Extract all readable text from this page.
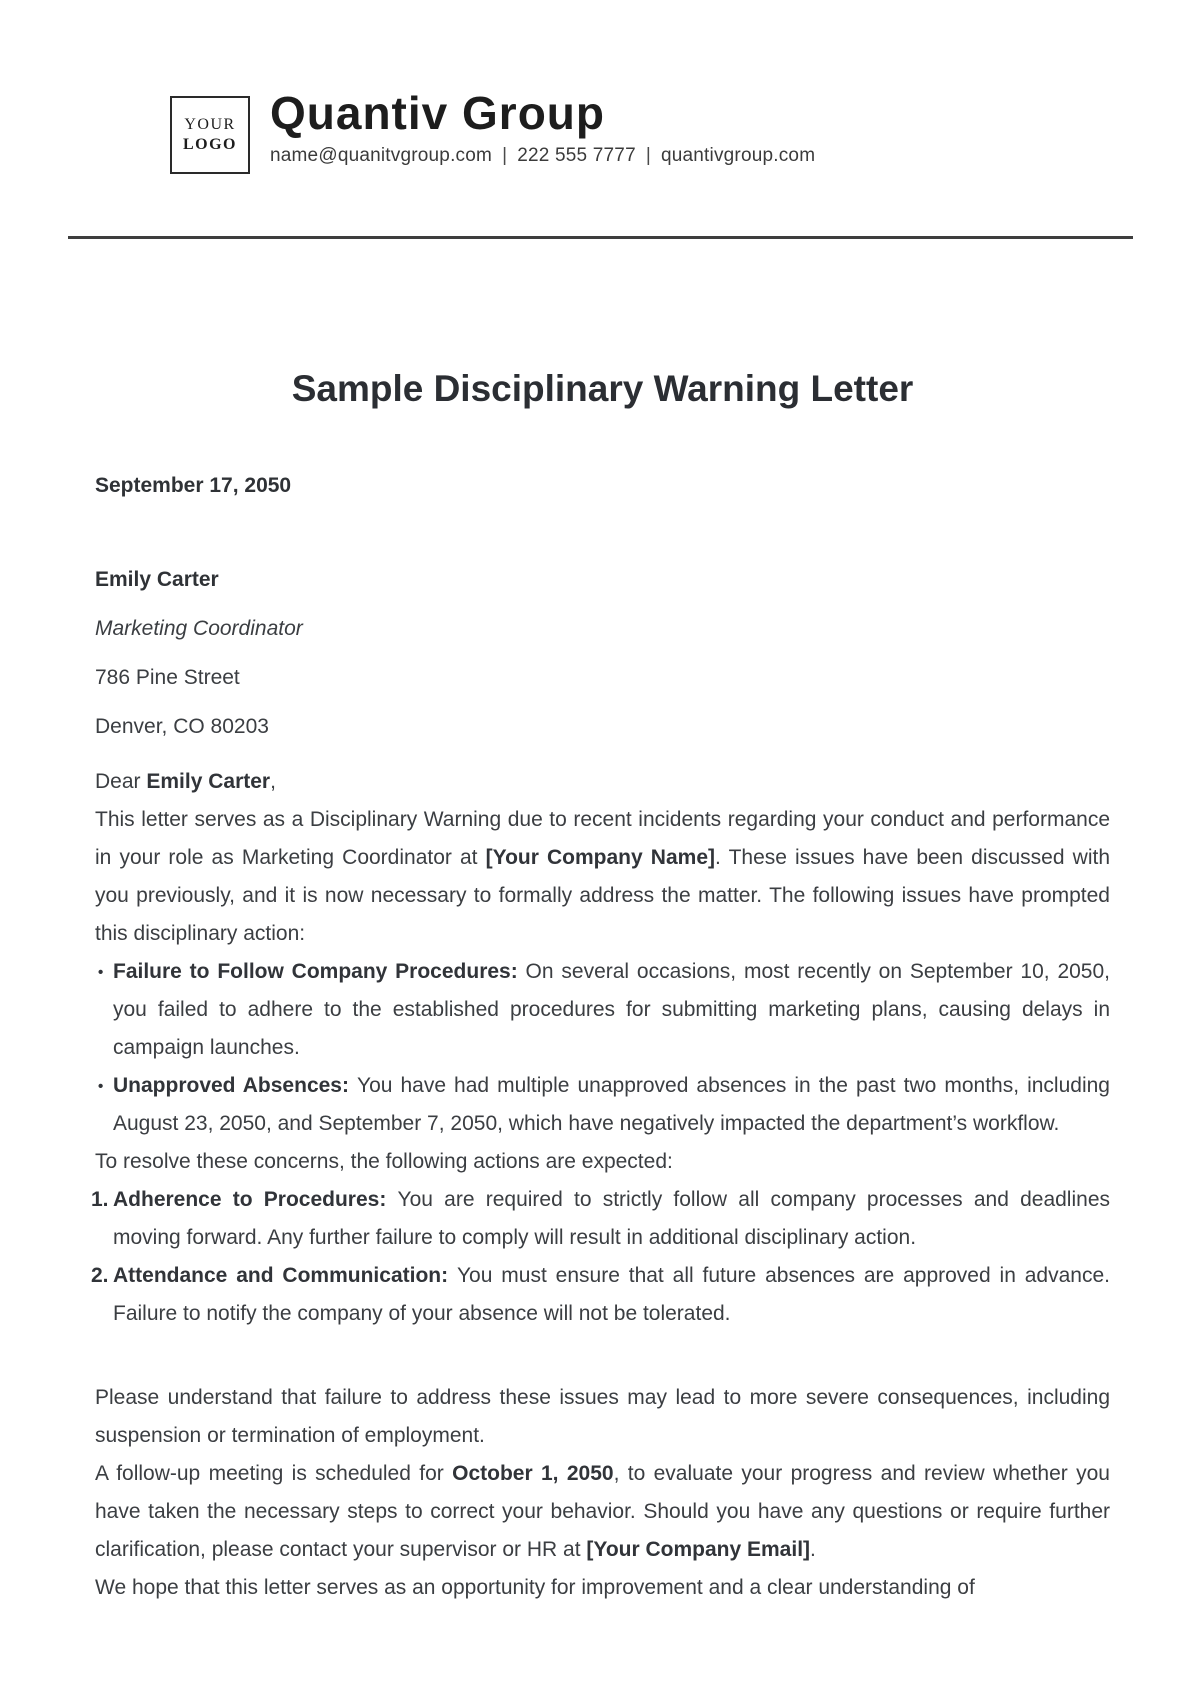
YOUR
LOGO
Quantiv Group
name@quanitvgroup.com | 222 555 7777 | quantivgroup.com
Sample Disciplinary Warning Letter
September 17, 2050
Emily Carter
Marketing Coordinator
786 Pine Street
Denver, CO 80203

Dear Emily Carter,

This letter serves as a Disciplinary Warning due to recent incidents regarding your conduct and performance in your role as Marketing Coordinator at [Your Company Name]. These issues have been discussed with you previously, and it is now necessary to formally address the matter. The following issues have prompted this disciplinary action:

• Failure to Follow Company Procedures: On several occasions, most recently on September 10, 2050, you failed to adhere to the established procedures for submitting marketing plans, causing delays in campaign launches.
• Unapproved Absences: You have had multiple unapproved absences in the past two months, including August 23, 2050, and September 7, 2050, which have negatively impacted the department’s workflow.

To resolve these concerns, the following actions are expected:

1. Adherence to Procedures: You are required to strictly follow all company processes and deadlines moving forward. Any further failure to comply will result in additional disciplinary action.
2. Attendance and Communication: You must ensure that all future absences are approved in advance. Failure to notify the company of your absence will not be tolerated.

Please understand that failure to address these issues may lead to more severe consequences, including suspension or termination of employment.

A follow-up meeting is scheduled for October 1, 2050, to evaluate your progress and review whether you have taken the necessary steps to correct your behavior. Should you have any questions or require further clarification, please contact your supervisor or HR at [Your Company Email].

We hope that this letter serves as an opportunity for improvement and a clear understanding of
